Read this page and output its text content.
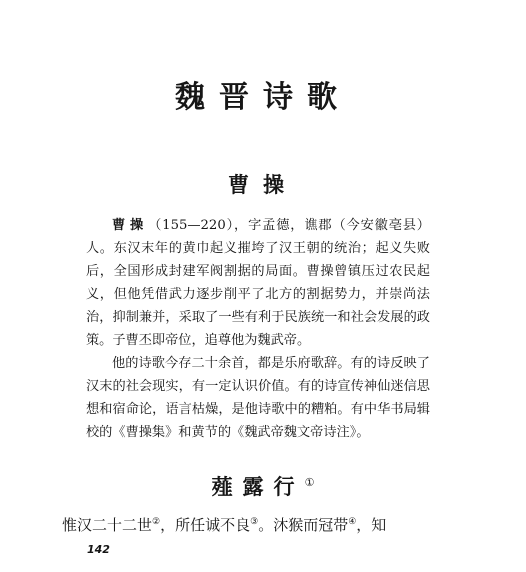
魏晋诗歌
曹操

曹操（155—220），字孟德，谯郡（今安徽亳县）人。东汉末年的黄巾起义摧垮了汉王朝的统治；起义失败后，全国形成封建军阀割据的局面。曹操曾镇压过农民起义，但他凭借武力逐步削平了北方的割据势力，并崇尚法治，抑制兼并，采取了一些有利于民族统一和社会发展的政策。子曹丕即帝位，追尊他为魏武帝。

他的诗歌今存二十余首，都是乐府歌辞。有的诗反映了汉末的社会现实，有一定认识价值。有的诗宣传神仙迷信思想和宿命论，语言枯燥，是他诗歌中的糟粕。有中华书局辑校的《曹操集》和黄节的《魏武帝魏文帝诗注》。

薤露行①
惟汉二十二世②，所任诚不良③。沐猴而冠带④，知
142
